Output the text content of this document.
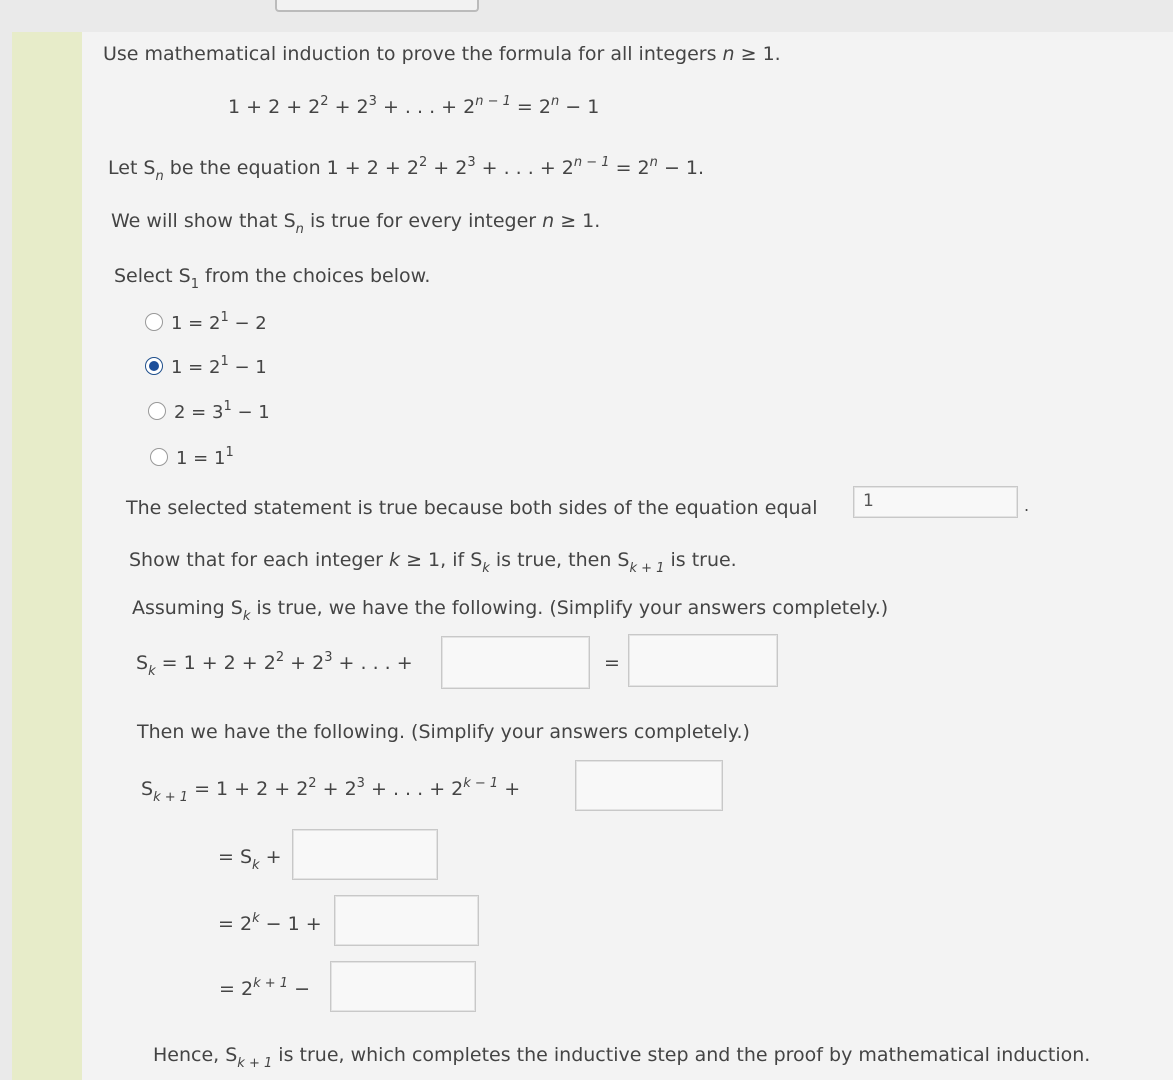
Use mathematical induction to prove the formula for all integers n ≥ 1.
$1 + 2 + 2^2 + 2^3$ + . . . + $2^{n - 1} = 2^n - 1$
Let $S_n$ be the equation $1 + 2 + 2^2 + 2^3$ + . . . + $2^{n - 1} = 2^n - 1$.
We will show that $S_n$ is true for every integer n ≥ 1.
Select $S_1$ from the choices below.
$1 = 2^1 - 2$
$1 = 2^1 - 1$
$2 = 3^1 - 1$
$1 = 1^1$
The selected statement is true because both sides of the equation equal	1	.
Show that for each integer k ≥ 1, if $S_k$ is true, then $S_{k + 1}$ is true.
Assuming $S_k$ is true, we have the following. (Simplify your answers completely.)
$S_k = 1 + 2 + 2^2 + 2^3$ + . . . +	=
Then we have the following. (Simplify your answers completely.)
$S_{k + 1} = 1 + 2 + 2^2 + 2^3$ + . . . + $2^{k - 1}$ +
= $S_k$ +
= $2^k - 1$ +
= $2^{k + 1}$ −
Hence, $S_{k + 1}$ is true, which completes the inductive step and the proof by mathematical induction.
